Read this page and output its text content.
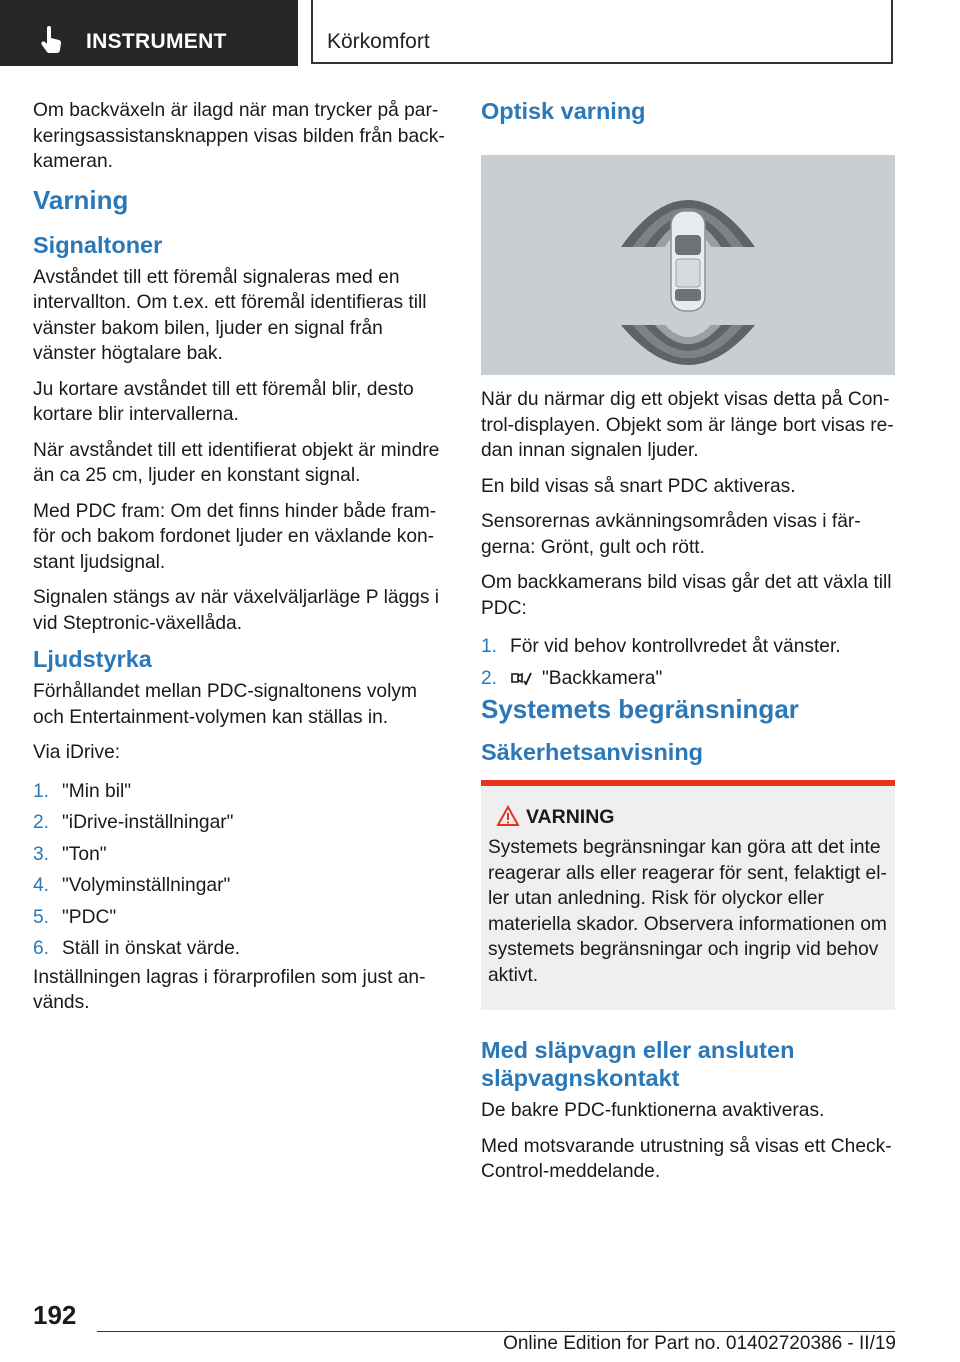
INSTRUMENT	Körkomfort

Om backväxeln är ilagd när man trycker på parkeringsassistansknappen visas bilden från backkameran.

Varning
Signaltoner

Avståndet till ett föremål signaleras med en intervallton. Om t.ex. ett föremål identifieras till vänster bakom bilen, ljuder en signal från vänster högtalare bak.

Ju kortare avståndet till ett föremål blir, desto kortare blir intervallerna.

När avståndet till ett identifierat objekt är mindre än ca 25 cm, ljuder en konstant signal.

Med PDC fram: Om det finns hinder både framför och bakom fordonet ljuder en växlande konstant ljudsignal.

Signalen stängs av när växelväljarläge P läggs i vid Steptronic-växellåda.

Ljudstyrka

Förhållandet mellan PDC-signaltonens volym och Entertainment-volymen kan ställas in.

Via iDrive:

1. "Min bil"
2. "iDrive-inställningar"
3. "Ton"
4. "Volyminställningar"
5. "PDC"
6. Ställ in önskat värde.

Inställningen lagras i förarprofilen som just används.

Optisk varning

När du närmar dig ett objekt visas detta på Control-displayen. Objekt som är länge bort visas redan innan signalen ljuder.

En bild visas så snart PDC aktiveras.

Sensorernas avkänningsområden visas i färgerna: Grönt, gult och rött.

Om backkamerans bild visas går det att växla till PDC:

1. För vid behov kontrollvredet åt vänster.
2. "Backkamera"
Systemets begränsningar
Säkerhetsanvisning
VARNING

Systemets begränsningar kan göra att det inte reagerar alls eller reagerar för sent, felaktigt eller utan anledning. Risk för olyckor eller materiella skador. Observera informationen om systemets begränsningar och ingrip vid behov aktivt.

Med släpvagn eller ansluten släpvagnskontakt

De bakre PDC-funktionerna avaktiveras.

Med motsvarande utrustning så visas ett Check-Control-meddelande.

192
Online Edition for Part no. 01402720386 - II/19
